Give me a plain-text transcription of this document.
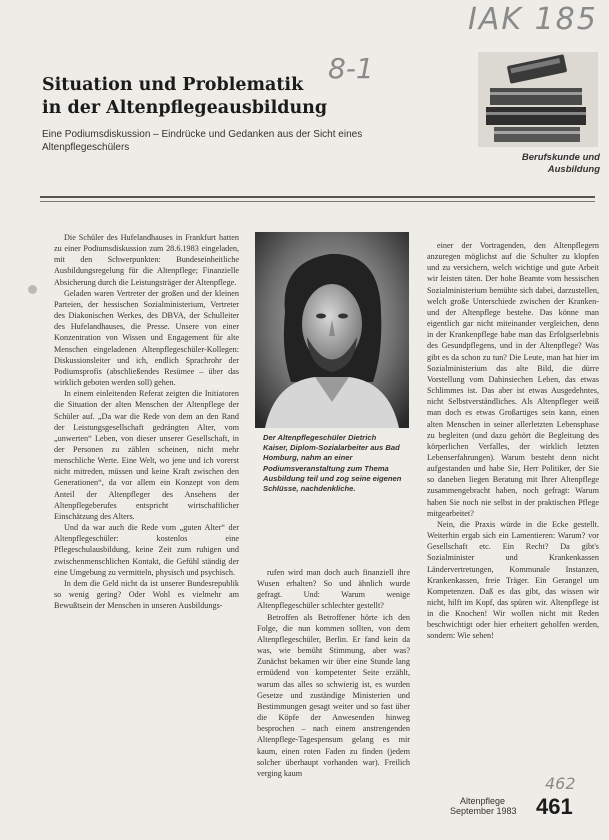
IAK 185
8-1
Situation und Problematik
in der Altenpflegeausbildung

Eine Podiumsdiskussion – Eindrücke und Gedanken aus der Sicht eines Altenpflegeschülers

Berufskunde und Ausbildung

Die Schüler des Hufelandhauses in Frankfurt hatten zu einer Podiumsdiskussion zum 28.6.1983 eingeladen, mit den Schwerpunkten: Bundeseinheitliche Ausbildungsregelung für die Altenpflege; Finanzielle Absicherung durch die Leistungsträger der Altenpflege.

Geladen waren Vertreter der großen und der kleinen Parteien, der hessischen Sozialministerium, Vertreter des Diakonischen Werkes, des DBVA, der Schulleiter des Hufelandhauses, die Presse. Unsere von einer Konzentration von Wissen und Engagement für alte Menschen eingeladenen Altenpflegeschüler-Kollegen: Diskussionsleiter und ich, endlich Sprachrohr der Podiumsprofis (abschließendes Resümee – über das wirklich geboten werden soll) gehen.

In einem einleitenden Referat zeigten die Initiatoren die Situation der alten Menschen der Altenpflege der Schüler auf. „Da war die Rede von dem an den Rand der Leistungsgesellschaft gedrängten Alter, vom „unwerten“ Leben, von dieser unserer Gesellschaft, in der Personen zu zählen scheinen, nicht mehr menschliche Werte. Eine Welt, wo jene und ich vorerst nicht mitreden, müssen und keine Kraft zwischen den Generationen“, da vor allem ein Konzept von dem Anteil der Altenpfleger des Ansehens der Altenpflegeberufes entspricht wirtschaftlicher Einschätzung des Alters.

Und da war auch die Rede vom „guten Alter“ der Altenpflegeschüler: kostenlos eine Pflegeschulausbildung, keine Zeit zum ruhigen und zwischenmenschlichen Kontakt, die Gefühl ständig der eine Umgebung zu vermitteln, physisch und psychisch.

In dem die Geld nicht da ist unserer Bundesrepublik so wenig gering? Oder Wohl es vielmehr am Bewußtsein der Menschen in unseren Ausbildungs-

Der Altenpflegeschüler Dietrich Kaiser, Diplom-Sozialarbeiter aus Bad Homburg, nahm an einer Podiumsveranstaltung zum Thema Ausbildung teil und zog seine eigenen Schlüsse, nachdenkliche.

rufen wird man doch auch finanziell ihre Wusen erhalten? So und ähnlich wurde gefragt. Und: Warum wenige Altenpflegeschüler schlechter gestellt?

Betroffen als Betroffener hörte ich den Folge, die nun kommen sollten, von dem Altenpflegeschüler, Berlin. Er fand kein da was, wie bemüht Stimmung, aber was? Zunächst bekamen wir über eine Stunde lang ermüdend von kompetenter Seite erzählt, warum das alles so schwierig ist, es wurden Gesetze und zuständige Ministerien und Bestimmungen gesagt weiter und so fast über die Köpfe der Anwesenden hinweg besprochen – nach einem anstrengenden Altenpflege-Tagespensum gelang es mir kaum, einen roten Faden zu finden (jedem solcher überhaupt vorhanden war). Freilich verging kaum

einer der Vortragenden, den Altenpflegern anzuregen möglichst auf die Schulter zu klopfen und zu versichern, welch wichtige und gute Arbeit wir leisten täten. Der hohe Beamte vom hessischen Sozialministerium bemühte sich dabei, darzustellen, welch große Unterschiede zwischen der Kranken- und der Altenpflege bestehe. Das könne man eigentlich gar nicht miteinander vergleichen, denn in der Krankenpflege habe man das Erfolgserlebnis des Gesundpflegens, und in der Altenpflege? Was gibt es da schon zu tun? Die Leute, man hat hier im Sozialministerium das alte Bild, die dürre Vorstellung vom Dahinsiechen Leben, das etwas Schlimmes ist. Das aber ist etwas Ausgedehntes, nicht Selbstverständliches. Als Altenpfleger weiß man doch es etwas Großartiges sein kann, einen alten Menschen in seiner allerletzten Lebensphase zu begleiten (und dazu gehört die Begleitung des körperlichen Verfalles, der wirklich letzten Lebenserfahrungen). Warum besteht denn nicht aufgestanden und habe Sie, Herr Politiker, der Sie so daneben liegen Beratung mit Ihrer Altenpflege zusammengebracht haben, noch gefragt: Warum haben Sie noch nie selbst in der praktischen Pflege mitgearbeitet?

Nein, die Praxis würde in die Ecke gestellt. Weiterhin ergab sich ein Lamentieren: Warum? vor Gesellschaft etc. Ein Recht? Da gibt's Sozialminister und Krankenkassen Ländervertretungen, Kommunale Instanzen, Krankenkassen, freie Träger. Ein Gerangel um Kompetenzen. Daß es das gibt, das wissen wir nicht, hilft im Kopf, das spüren wir. Altenpflege ist in die Knochen! Wir wollen nicht mit Reden beschwichtigt oder hier erheitert geholfen werden, sondern: Wie sehen!

462
Altenpflege
September 1983 461
